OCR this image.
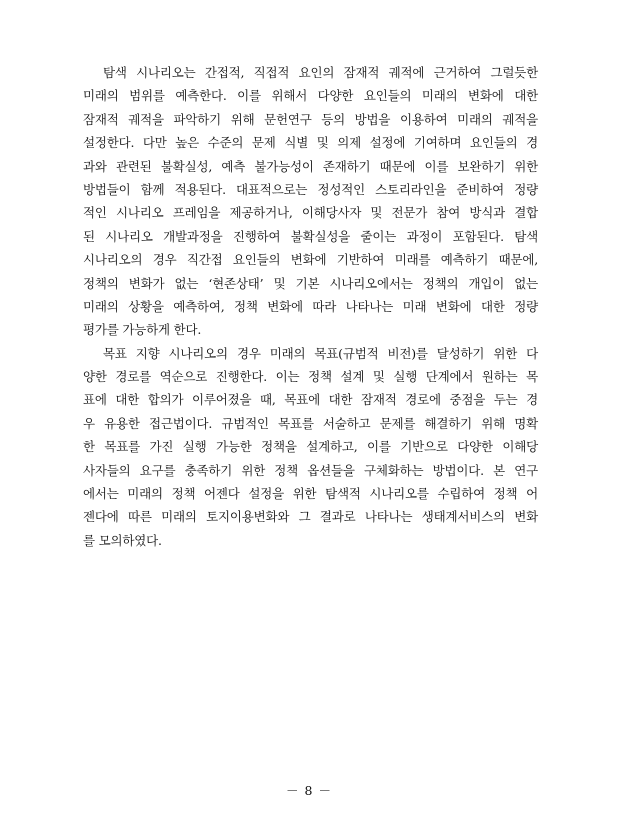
탐색 시나리오는 간접적, 직접적 요인의 잠재적 궤적에 근거하여 그럴듯한
미래의 범위를 예측한다. 이를 위해서 다양한 요인들의 미래의 변화에 대한
잠재적 궤적을 파악하기 위해 문헌연구 등의 방법을 이용하여 미래의 궤적을
설정한다. 다만 높은 수준의 문제 식별 및 의제 설정에 기여하며 요인들의 경
과와 관련된 불확실성, 예측 불가능성이 존재하기 때문에 이를 보완하기 위한
방법들이 함께 적용된다. 대표적으로는 정성적인 스토리라인을 준비하여 정량
적인 시나리오 프레임을 제공하거나, 이해당사자 및 전문가 참여 방식과 결합
된 시나리오 개발과정을 진행하여 불확실성을 줄이는 과정이 포함된다. 탐색
시나리오의 경우 직간접 요인들의 변화에 기반하여 미래를 예측하기 때문에,
정책의 변화가 없는 ‘현존상태’ 및 기본 시나리오에서는 정책의 개입이 없는
미래의 상황을 예측하여, 정책 변화에 따라 나타나는 미래 변화에 대한 정량
평가를 가능하게 한다.
목표 지향 시나리오의 경우 미래의 목표(규범적 비전)를 달성하기 위한 다
양한 경로를 역순으로 진행한다. 이는 정책 설계 및 실행 단계에서 원하는 목
표에 대한 합의가 이루어졌을 때, 목표에 대한 잠재적 경로에 중점을 두는 경
우 유용한 접근법이다. 규범적인 목표를 서술하고 문제를 해결하기 위해 명확
한 목표를 가진 실행 가능한 정책을 설계하고, 이를 기반으로 다양한 이해당
사자들의 요구를 충족하기 위한 정책 옵션들을 구체화하는 방법이다. 본 연구
에서는 미래의 정책 어젠다 설정을 위한 탐색적 시나리오를 수립하여 정책 어
젠다에 따른 미래의 토지이용변화와 그 결과로 나타나는 생태계서비스의 변화
를 모의하였다.
－ 8 －
